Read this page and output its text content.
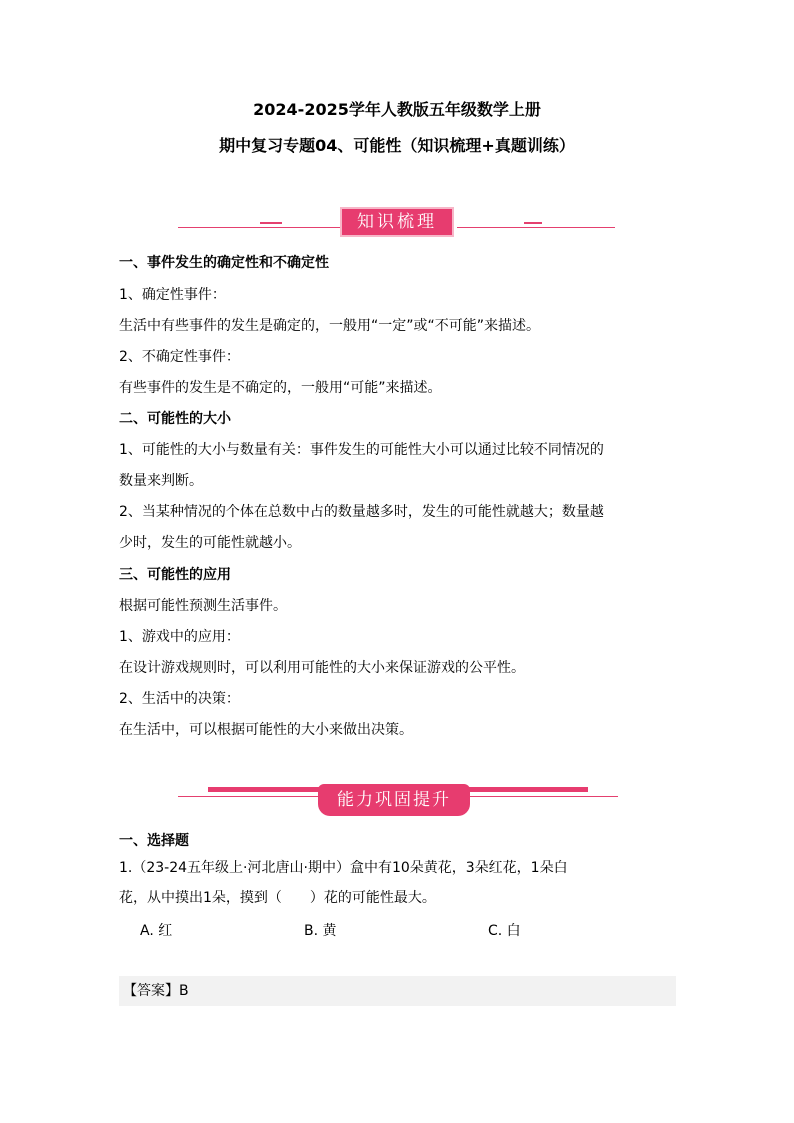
2024-2025学年人教版五年级数学上册
期中复习专题04、可能性（知识梳理+真题训练）
知识梳理
一、事件发生的确定性和不确定性
1、确定性事件：
生活中有些事件的发生是确定的，一般用“一定”或“不可能”来描述。
2、不确定性事件：
有些事件的发生是不确定的，一般用“可能”来描述。
二、可能性的大小
1、可能性的大小与数量有关：事件发生的可能性大小可以通过比较不同情况的
数量来判断。
2、当某种情况的个体在总数中占的数量越多时，发生的可能性就越大；数量越
少时，发生的可能性就越小。
三、可能性的应用
根据可能性预测生活事件。
1、游戏中的应用：
在设计游戏规则时，可以利用可能性的大小来保证游戏的公平性。
2、生活中的决策：
在生活中，可以根据可能性的大小来做出决策。
能力巩固提升
一、选择题
1.（23-24五年级上·河北唐山·期中）盒中有10朵黄花，3朵红花，1朵白
花，从中摸出1朵，摸到（　　）花的可能性最大。
A. 红	B. 黄	C. 白
【答案】B
